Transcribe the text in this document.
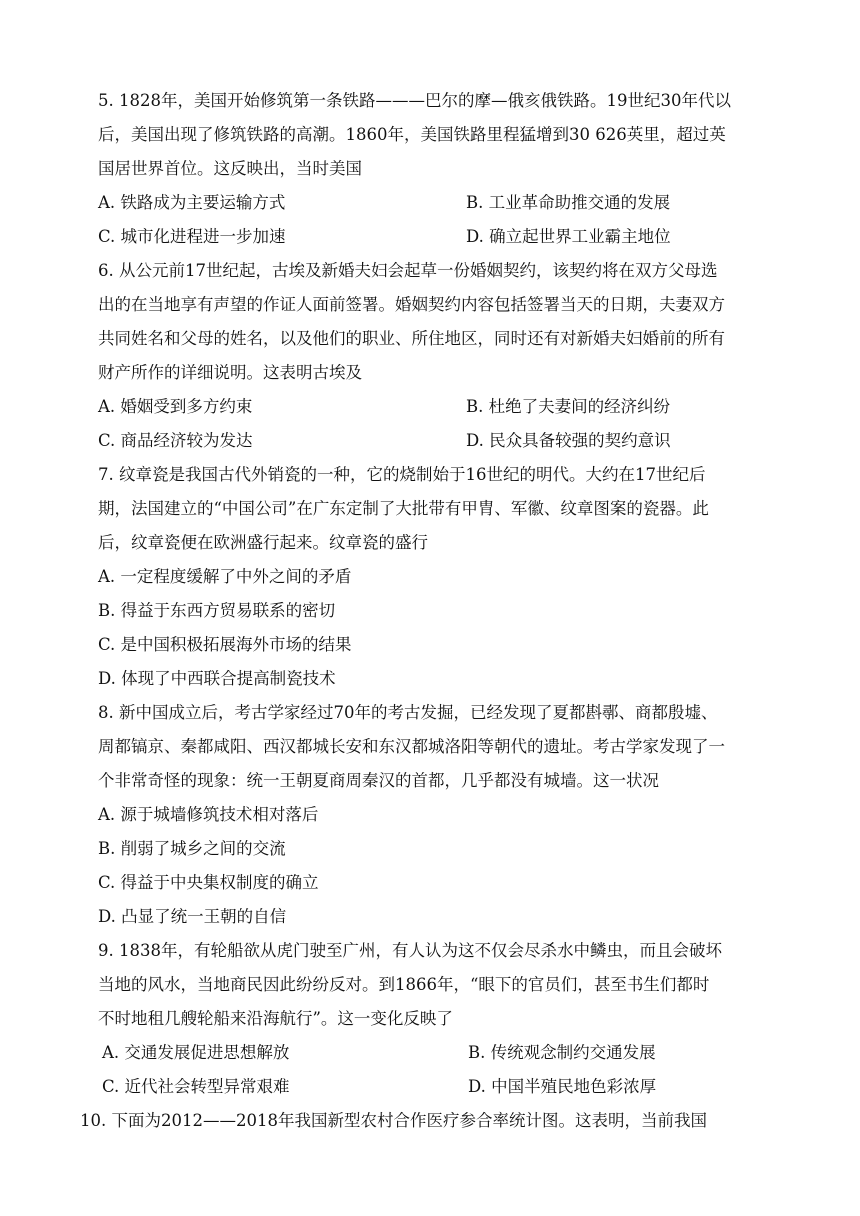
5. 1828年，美国开始修筑第一条铁路———巴尔的摩—俄亥俄铁路。19世纪30年代以
后，美国出现了修筑铁路的高潮。1860年，美国铁路里程猛增到30 626英里，超过英
国居世界首位。这反映出，当时美国
A. 铁路成为主要运输方式	B. 工业革命助推交通的发展
C. 城市化进程进一步加速	D. 确立起世界工业霸主地位
6. 从公元前17世纪起，古埃及新婚夫妇会起草一份婚姻契约，该契约将在双方父母选
出的在当地享有声望的作证人面前签署。婚姻契约内容包括签署当天的日期，夫妻双方
共同姓名和父母的姓名，以及他们的职业、所住地区，同时还有对新婚夫妇婚前的所有
财产所作的详细说明。这表明古埃及
A. 婚姻受到多方约束	B. 杜绝了夫妻间的经济纠纷
C. 商品经济较为发达	D. 民众具备较强的契约意识
7. 纹章瓷是我国古代外销瓷的一种，它的烧制始于16世纪的明代。大约在17世纪后
期，法国建立的“中国公司”在广东定制了大批带有甲胄、军徽、纹章图案的瓷器。此
后，纹章瓷便在欧洲盛行起来。纹章瓷的盛行
A. 一定程度缓解了中外之间的矛盾
B. 得益于东西方贸易联系的密切
C. 是中国积极拓展海外市场的结果
D. 体现了中西联合提高制瓷技术
8. 新中国成立后，考古学家经过70年的考古发掘，已经发现了夏都斟鄩、商都殷墟、
周都镐京、秦都咸阳、西汉都城长安和东汉都城洛阳等朝代的遗址。考古学家发现了一
个非常奇怪的现象：统一王朝夏商周秦汉的首都，几乎都没有城墙。这一状况
A. 源于城墙修筑技术相对落后
B. 削弱了城乡之间的交流
C. 得益于中央集权制度的确立
D. 凸显了统一王朝的自信
9. 1838年，有轮船欲从虎门驶至广州，有人认为这不仅会尽杀水中鳞虫，而且会破坏
当地的风水，当地商民因此纷纷反对。到1866年，“眼下的官员们，甚至书生们都时
不时地租几艘轮船来沿海航行”。这一变化反映了
A. 交通发展促进思想解放	B. 传统观念制约交通发展
C. 近代社会转型异常艰难	D. 中国半殖民地色彩浓厚
10. 下面为2012——2018年我国新型农村合作医疗参合率统计图。这表明，当前我国
